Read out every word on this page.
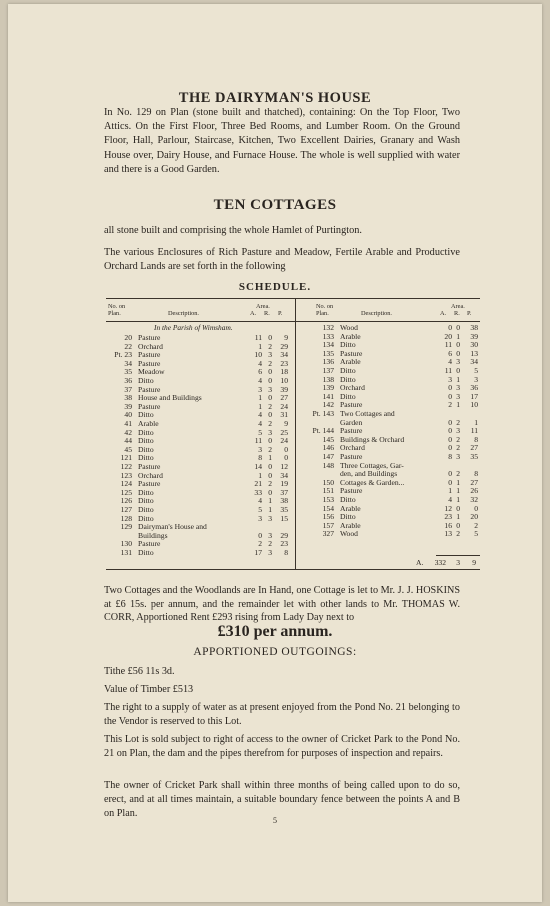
THE DAIRYMAN'S HOUSE
In No. 129 on Plan (stone built and thatched), containing: On the Top Floor, Two Attics. On the First Floor, Three Bed Rooms, and Lumber Room. On the Ground Floor, Hall, Parlour, Staircase, Kitchen, Two Excellent Dairies, Granary and Wash House over, Dairy House, and Furnace House. The whole is well supplied with water and there is a Good Garden.
TEN COTTAGES
all stone built and comprising the whole Hamlet of Purtington.
The various Enclosures of Rich Pasture and Meadow, Fertile Arable and Productive Orchard Lands are set forth in the following
SCHEDULE.
No. on Plan.	Description.
Area.
A. R. P.
No. on Plan.	Description.
Area.
A. R. P.
In the Parish of Wimsham.
20 Pasture	11 0	9
22 Orchard	1 2	29
Pt. 23 Pasture	10 3	34
34 Pasture	4 2	23
35 Meadow	6 0	18
36 Ditto	4 0	10
37 Pasture	3 3	39
38 House and Buildings	1 0	27
39 Pasture	1 2	24
40 Ditto	4 0	31
41 Arable	4 2	9
42 Ditto	5 3	25
44 Ditto	11 0	24
45 Ditto	3 2	0
121 Ditto	8 1	0
122 Pasture	14 0	12
123 Orchard	1 0	34
124 Pasture	21 2	19
125 Ditto	33 0	37
126 Ditto	4 1	38
127 Ditto	5 1	35
128 Ditto	3 3	15
129 Dairyman's House and
Buildings	0 3	29
130 Pasture	2 2	23
131 Ditto	17 3	8
132 Wood	0 0	38
133 Arable	20 1	39
134 Ditto	11 0	30
135 Pasture	6 0	13
136 Arable	4 3	34
137 Ditto	11 0	5
138 Ditto	3 1	3
139 Orchard	0 3	36
141 Ditto	0 3	17
142 Pasture	2 1	10
Pt. 143 Two Cottages and
Garden	0 2	1
Pt. 144 Pasture	0 3	11
145 Buildings & Orchard	0 2	8
146 Orchard	0 2	27
147 Pasture	8 3	35
148 Three Cottages, Gar-
den, and Buildings	0 2	8
150 Cottages & Garden...	0 1	27
151 Pasture	1 1	26
153 Ditto	4 1	32
154 Arable	12 0	0
156 Ditto	23 1	20
157 Arable	16 0	2
327 Wood	13 2	5
A.	332	3	9
Two Cottages and the Woodlands are In Hand, one Cottage is let to Mr. J. J. HOSKINS at £6 15s. per annum, and the remainder let with other lands to Mr. THOMAS W. CORR, Apportioned Rent £293 rising from Lady Day next to
£310 per annum.
APPORTIONED OUTGOINGS:
Tithe £56 11s 3d.
Value of Timber £513
The right to a supply of water as at present enjoyed from the Pond No. 21 belonging to the Vendor is reserved to this Lot.
This Lot is sold subject to right of access to the owner of Cricket Park to the Pond No. 21 on Plan, the dam and the pipes therefrom for purposes of inspection and repairs.
The owner of Cricket Park shall within three months of being called upon to do so, erect, and at all times maintain, a suitable boundary fence between the points A and B on Plan.
5
